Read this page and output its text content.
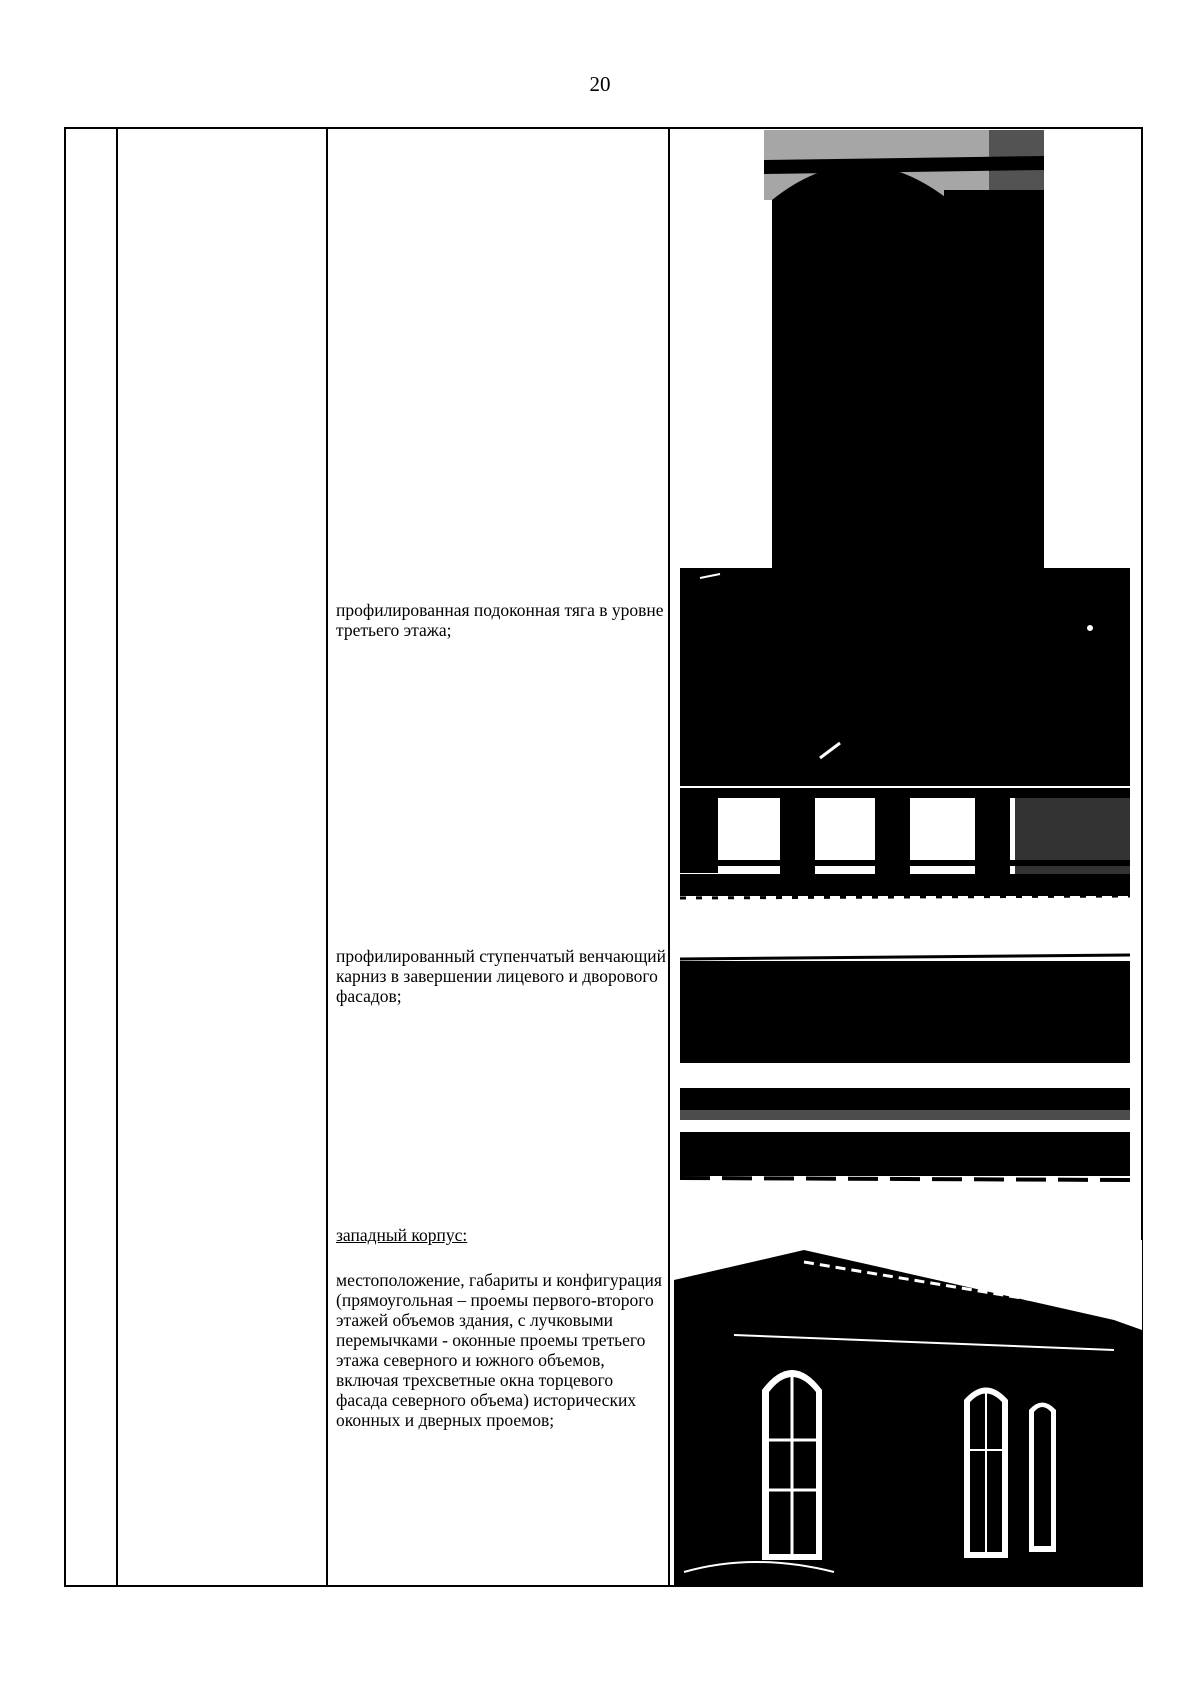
20
профилированная подоконная тяга в уровне третьего этажа;
профилированный ступенчатый венчающий карниз в завершении лицевого и дворового фасадов;
западный корпус:
местоположение, габариты и конфигурация (прямоугольная – проемы первого-второго этажей объемов здания, с лучковыми перемычками - оконные проемы третьего этажа северного и южного объемов, включая трехсветные окна торцевого фасада северного объема) исторических оконных и дверных проемов;
